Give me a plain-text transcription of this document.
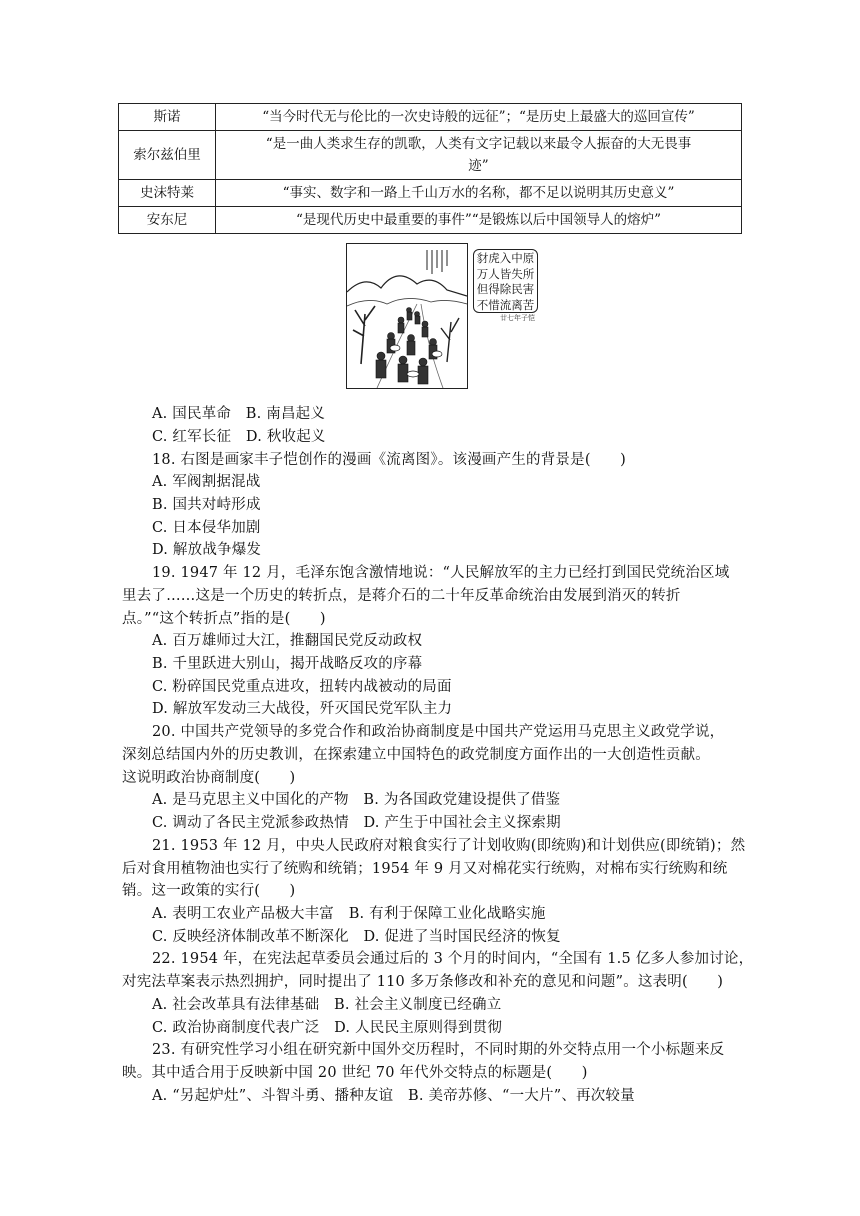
斯诺	“当今时代无与伦比的一次史诗般的远征”；“是历史上最盛大的巡回宣传”
索尔兹伯里	“是一曲人类求生存的凯歌，人类有文字记载以来最令人振奋的大无畏事
迹”
史沫特莱	“事实、数字和一路上千山万水的名称，都不足以说明其历史意义”
安东尼	“是现代历史中最重要的事件”“是锻炼以后中国领导人的熔炉”
豺虎入中原
万人皆失所
但得除民害
不惜流离苦
廿七年子恺
A. 国民革命　B. 南昌起义
C. 红军长征　D. 秋收起义
18. 右图是画家丰子恺创作的漫画《流离图》。该漫画产生的背景是(　　)
A. 军阀割据混战
B. 国共对峙形成
C. 日本侵华加剧
D. 解放战争爆发
19. 1947 年 12 月，毛泽东饱含激情地说：“人民解放军的主力已经打到国民党统治区域
里去了……这是一个历史的转折点，是蒋介石的二十年反革命统治由发展到消灭的转折
点。”“这个转折点”指的是(　　)
A. 百万雄师过大江，推翻国民党反动政权
B. 千里跃进大别山，揭开战略反攻的序幕
C. 粉碎国民党重点进攻，扭转内战被动的局面
D. 解放军发动三大战役，歼灭国民党军队主力
20. 中国共产党领导的多党合作和政治协商制度是中国共产党运用马克思主义政党学说，
深刻总结国内外的历史教训，在探索建立中国特色的政党制度方面作出的一大创造性贡献。
这说明政治协商制度(　　)
A. 是马克思主义中国化的产物　B. 为各国政党建设提供了借鉴
C. 调动了各民主党派参政热情　D. 产生于中国社会主义探索期
21. 1953 年 12 月，中央人民政府对粮食实行了计划收购(即统购)和计划供应(即统销)；然
后对食用植物油也实行了统购和统销；1954 年 9 月又对棉花实行统购，对棉布实行统购和统
销。这一政策的实行(　　)
A. 表明工农业产品极大丰富　B. 有利于保障工业化战略实施
C. 反映经济体制改革不断深化　D. 促进了当时国民经济的恢复
22. 1954 年，在宪法起草委员会通过后的 3 个月的时间内，“全国有 1.5 亿多人参加讨论，
对宪法草案表示热烈拥护，同时提出了 110 多万条修改和补充的意见和问题”。这表明(　　)
A. 社会改革具有法律基础　B. 社会主义制度已经确立
C. 政治协商制度代表广泛　D. 人民民主原则得到贯彻
23. 有研究性学习小组在研究新中国外交历程时，不同时期的外交特点用一个小标题来反
映。其中适合用于反映新中国 20 世纪 70 年代外交特点的标题是(　　)
A. “另起炉灶”、斗智斗勇、播种友谊　B. 美帝苏修、“一大片”、再次较量
